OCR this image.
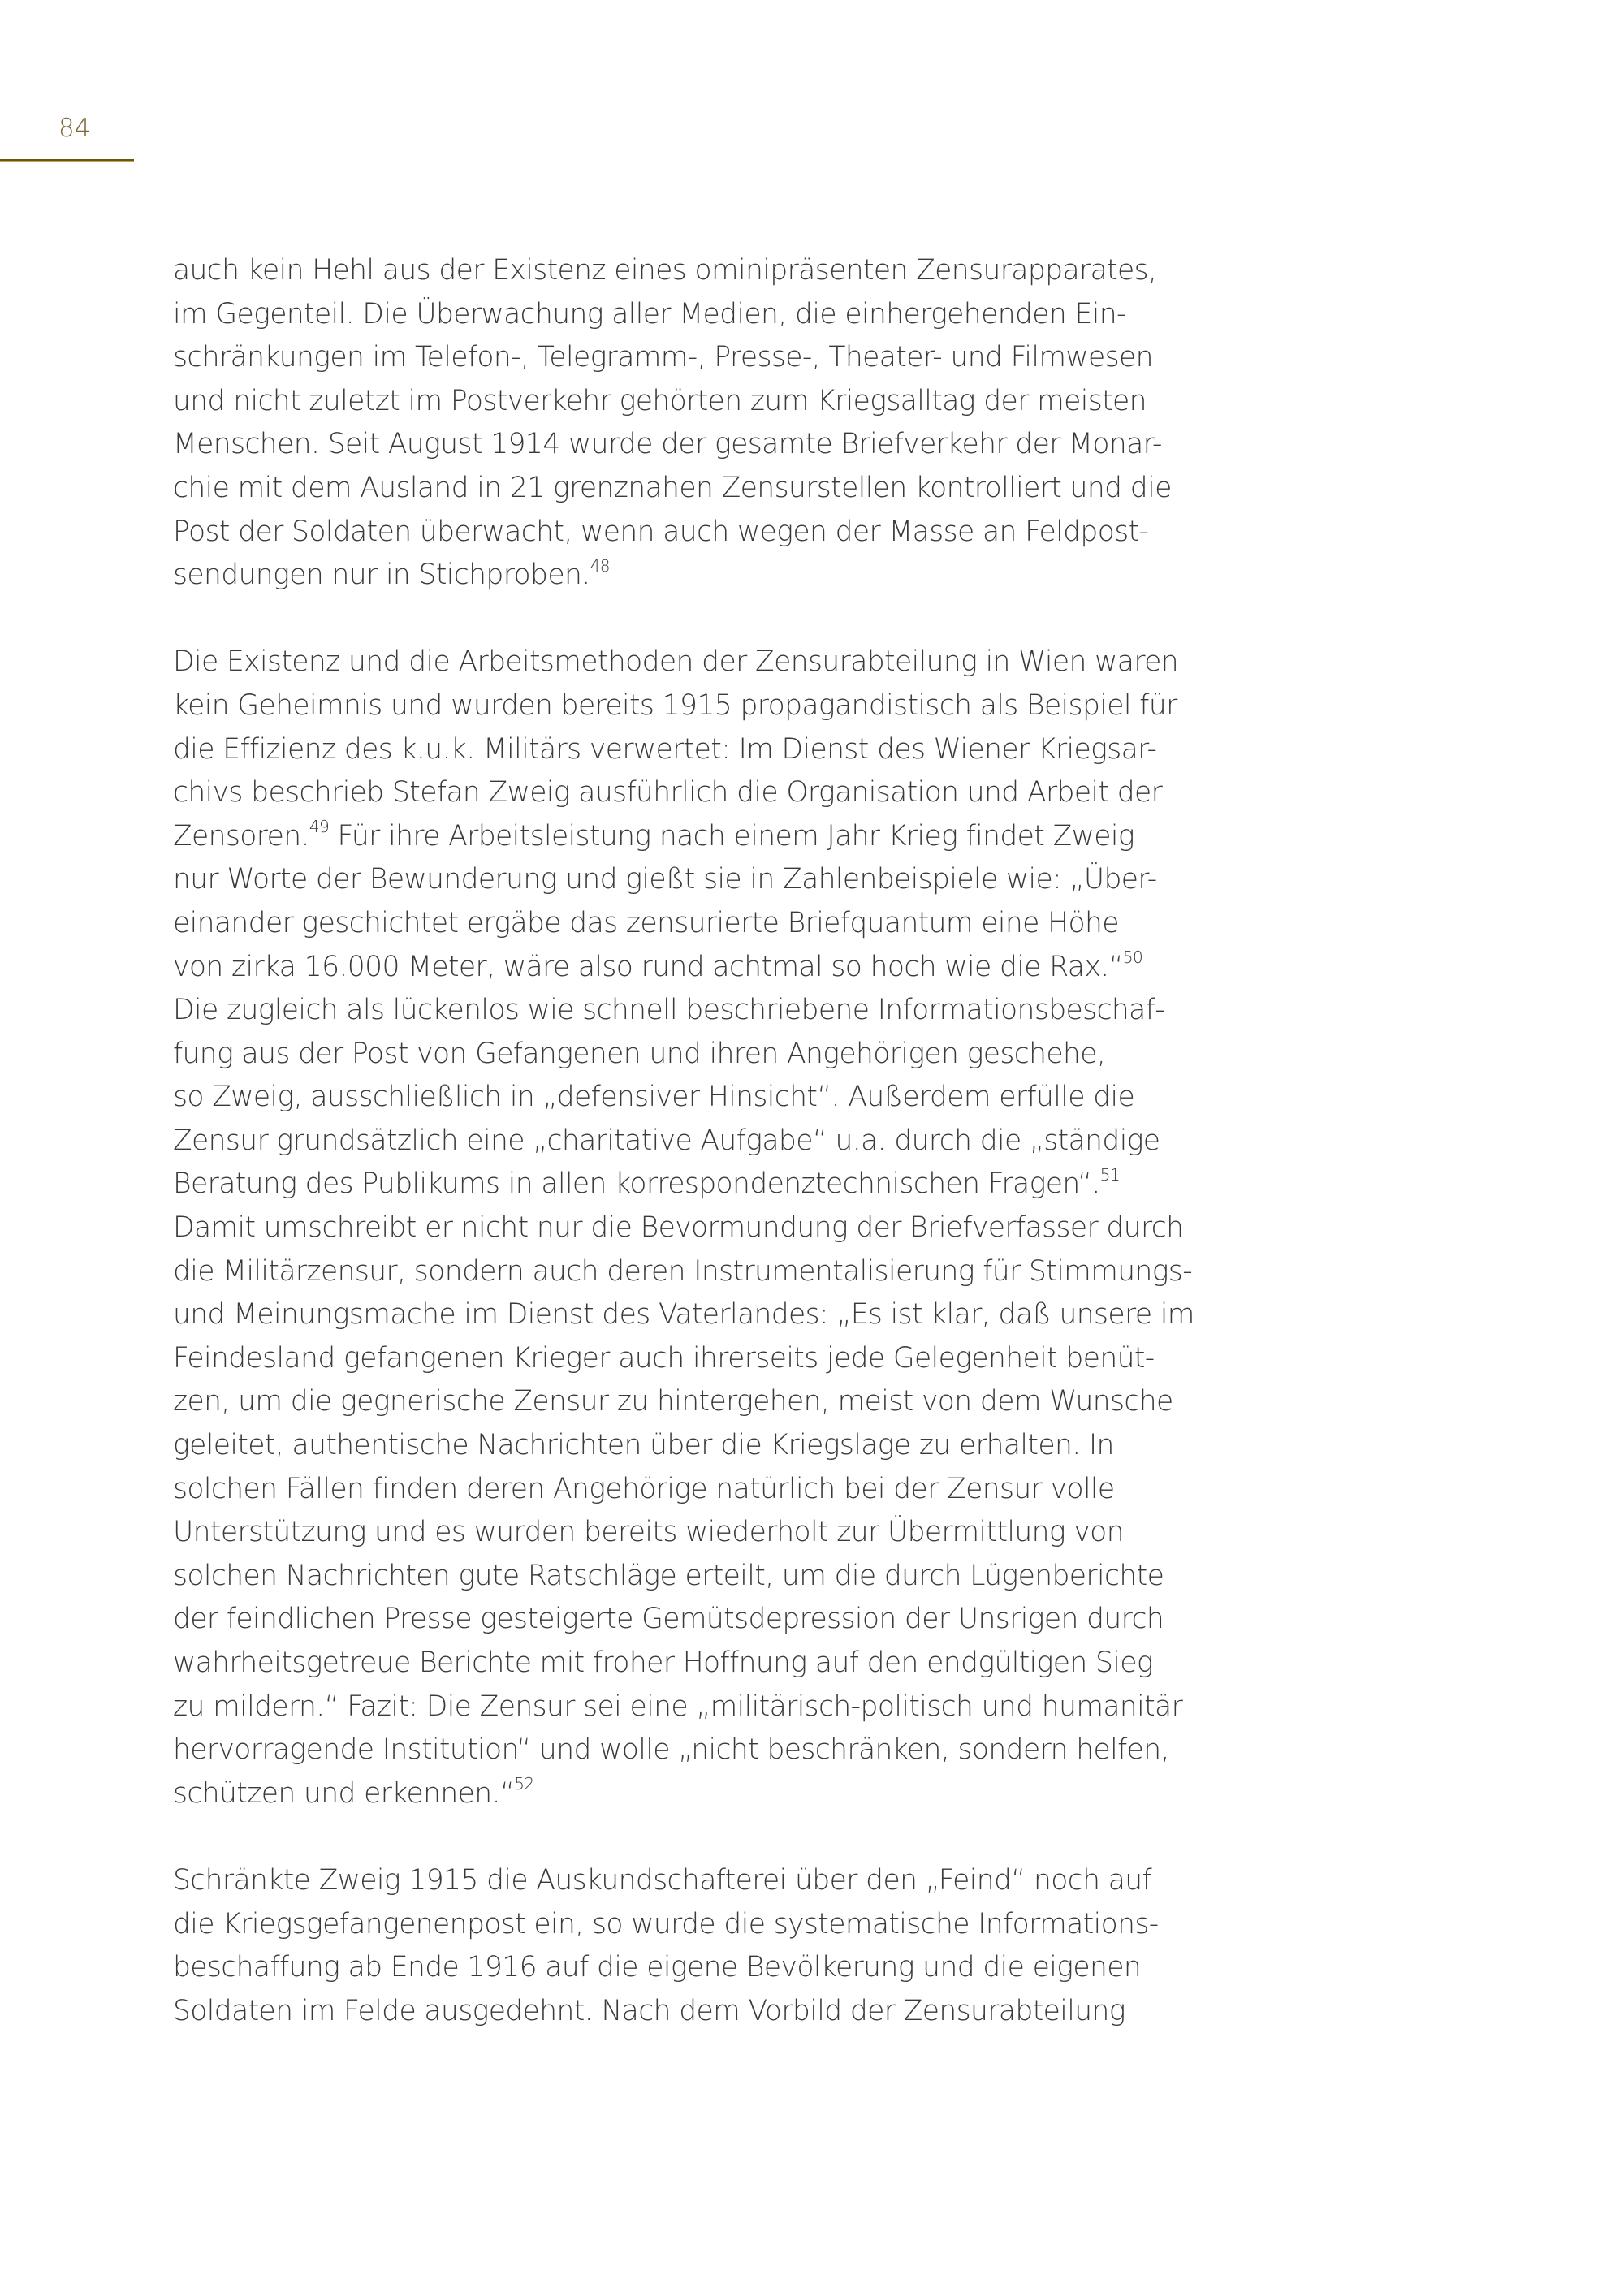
84

auch kein Hehl aus der Existenz eines ominipräsenten Zensurapparates,
im Gegenteil. Die Überwachung aller Medien, die einhergehenden Ein-
schränkungen im Telefon-, Telegramm-, Presse-, Theater- und Filmwesen
und nicht zuletzt im Postverkehr gehörten zum Kriegsalltag der meisten
Menschen. Seit August 1914 wurde der gesamte Briefverkehr der Monar-
chie mit dem Ausland in 21 grenznahen Zensurstellen kontrolliert und die
Post der Soldaten überwacht, wenn auch wegen der Masse an Feldpost-
sendungen nur in Stichproben.$^{48}$

Die Existenz und die Arbeitsmethoden der Zensurabteilung in Wien waren
kein Geheimnis und wurden bereits 1915 propagandistisch als Beispiel für
die Effizienz des k.u.k. Militärs verwertet: Im Dienst des Wiener Kriegsar-
chivs beschrieb Stefan Zweig ausführlich die Organisation und Arbeit der
Zensoren.$^{49}$ Für ihre Arbeitsleistung nach einem Jahr Krieg findet Zweig
nur Worte der Bewunderung und gießt sie in Zahlenbeispiele wie: „Über-
einander geschichtet ergäbe das zensurierte Briefquantum eine Höhe
von zirka 16.000 Meter, wäre also rund achtmal so hoch wie die Rax.“$^{50}$
Die zugleich als lückenlos wie schnell beschriebene Informationsbeschaf-
fung aus der Post von Gefangenen und ihren Angehörigen geschehe,
so Zweig, ausschließlich in „defensiver Hinsicht“. Außerdem erfülle die
Zensur grundsätzlich eine „charitative Aufgabe“ u.a. durch die „ständige
Beratung des Publikums in allen korrespondenztechnischen Fragen“.$^{51}$
Damit umschreibt er nicht nur die Bevormundung der Briefverfasser durch
die Militärzensur, sondern auch deren Instrumentalisierung für Stimmungs-
und Meinungsmache im Dienst des Vaterlandes: „Es ist klar, daß unsere im
Feindesland gefangenen Krieger auch ihrerseits jede Gelegenheit benüt-
zen, um die gegnerische Zensur zu hintergehen, meist von dem Wunsche
geleitet, authentische Nachrichten über die Kriegslage zu erhalten. In
solchen Fällen finden deren Angehörige natürlich bei der Zensur volle
Unterstützung und es wurden bereits wiederholt zur Übermittlung von
solchen Nachrichten gute Ratschläge erteilt, um die durch Lügenberichte
der feindlichen Presse gesteigerte Gemütsdepression der Unsrigen durch
wahrheitsgetreue Berichte mit froher Hoffnung auf den endgültigen Sieg
zu mildern.“ Fazit: Die Zensur sei eine „militärisch-politisch und humanitär
hervorragende Institution“ und wolle „nicht beschränken, sondern helfen,
schützen und erkennen.“$^{52}$

Schränkte Zweig 1915 die Auskundschafterei über den „Feind“ noch auf
die Kriegsgefangenenpost ein, so wurde die systematische Informations-
beschaffung ab Ende 1916 auf die eigene Bevölkerung und die eigenen
Soldaten im Felde ausgedehnt. Nach dem Vorbild der Zensurabteilung
